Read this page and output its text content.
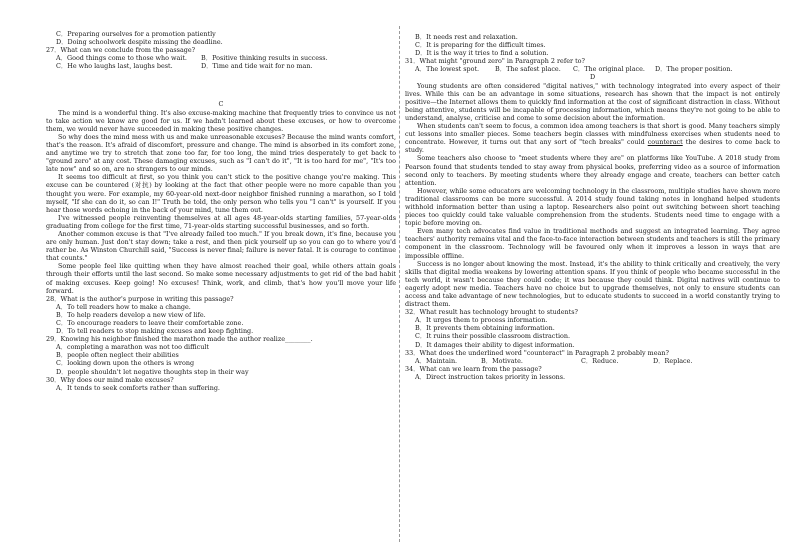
C．Preparing ourselves for a promotion patiently
D．Doing schoolwork despite missing the deadline.
27．What can we conclude from the passage?
A．Good things come to those who wait.	B．Positive thinking results in success.
C．He who laughs last, laughs best.	D．Time and tide wait for no man.
C

The mind is a wonderful thing. It's also excuse-making machine that frequently tries to convince us not to take action we know are good for us. If we hadn't learned about these excuses, or how to overcome them, we would never have succeeded in making these positive changes.

So why does the mind mess with us and make unreasonable excuses? Because the mind wants comfort, that's the reason. It's afraid of discomfort, pressure and change. The mind is absorbed in its comfort zone, and anytime we try to stretch that zone too far, for too long, the mind tries desperately to get back to "ground zero" at any cost. These damaging excuses, such as "I can't do it", "It is too hard for me", "It's too late now" and so on, are no strangers to our minds.

It seems too difficult at first, so you think you can't stick to the positive change you're making. This excuse can be countered (对抗) by looking at the fact that other people were no more capable than you thought you were. For example, my 60-year-old next-door neighbor finished running a marathon, so I told myself, "If she can do it, so can I!" Truth be told, the only person who tells you "I can't" is yourself. If you hear those words echoing in the back of your mind, tune them out.

I've witnessed people reinventing themselves at all ages 48-year-olds starting families, 57-year-olds graduating from college for the first time, 71-year-olds starting successful businesses, and so forth.

Another common excuse is that "I've already failed too much." If you break down, it's fine, because you are only human. Just don't stay down; take a rest, and then pick yourself up so you can go to where you'd rather be. As Winston Churchill said, "Success is never final; failure is never fatal. It is courage to continue that counts."

Some people feel like quitting when they have almost reached their goal, while others attain goals through their efforts until the last second. So make some necessary adjustments to get rid of the bad habit of making excuses. Keep going! No excuses! Think, work, and climb, that's how you'll move your life forward.

28．What is the author's purpose in writing this passage?
A．To tell readers how to make a change.
B．To help readers develop a new view of life.
C．To encourage readers to leave their comfortable zone.
D．To tell readers to stop making excuses and keep fighting.
29．Knowing his neighbor finished the marathon made the author realize________.
A．completing a marathon was not too difficult
B．people often neglect their abilities
C．looking down upon the others is wrong
D．people shouldn't let negative thoughts step in their way
30．Why does our mind make excuses?
A．It tends to seek comforts rather than suffering.
B．It needs rest and relaxation.
C．It is preparing for the difficult times.
D．It is the way it tries to find a solution.
31．What might "ground zero" in Paragraph 2 refer to?
A．The lowest spot.	B．The safest place.	C．The original place.	D．The proper position.
D

Young students are often considered "digital natives," with technology integrated into every aspect of their lives. While this can be an advantage in some situations, research has shown that the impact is not entirely positive—the Internet allows them to quickly find information at the cost of significant distraction in class. Without being attentive, students will be incapable of processing information, which means they're not going to be able to understand, analyse, criticise and come to some decision about the information.

When students can't seem to focus, a common idea among teachers is that short is good. Many teachers simply cut lessons into smaller pieces. Some teachers begin classes with mindfulness exercises when students need to concentrate. However, it turns out that any sort of "tech breaks" could counteract the desires to come back to study.

Some teachers also choose to "meet students where they are" on platforms like YouTube. A 2018 study from Pearson found that students tended to stay away from physical books, preferring video as a source of information second only to teachers. By meeting students where they already engage and create, teachers can better catch attention.

However, while some educators are welcoming technology in the classroom, multiple studies have shown more traditional classrooms can be more successful. A 2014 study found taking notes in longhand helped students withhold information better than using a laptop. Researchers also point out switching between short teaching pieces too quickly could take valuable comprehension from the students. Students need time to engage with a topic before moving on.

Even many tech advocates find value in traditional methods and suggest an integrated learning. They agree teachers' authority remains vital and the face-to-face interaction between students and teachers is still the primary component in the classroom. Technology will be favoured only when it improves a lesson in ways that are impossible offline.

Success is no longer about knowing the most. Instead, it's the ability to think critically and creatively, the very skills that digital media weakens by lowering attention spans. If you think of people who became successful in the tech world, it wasn't because they could code; it was because they could think. Digital natives will continue to eagerly adopt new media. Teachers have no choice but to upgrade themselves, not only to ensure students can access and take advantage of new technologies, but to educate students to succeed in a world constantly trying to distract them.

32．What result has technology brought to students?
A．It urges them to process information.
B．It prevents them obtaining information.
C．It ruins their possible classroom distraction.
D．It damages their ability to digest information.
33．What does the underlined word "counteract" in Paragraph 2 probably mean?
A．Maintain.	B．Motivate.	C．Reduce.	D．Replace.
34．What can we learn from the passage?
A．Direct instruction takes priority in lessons.
